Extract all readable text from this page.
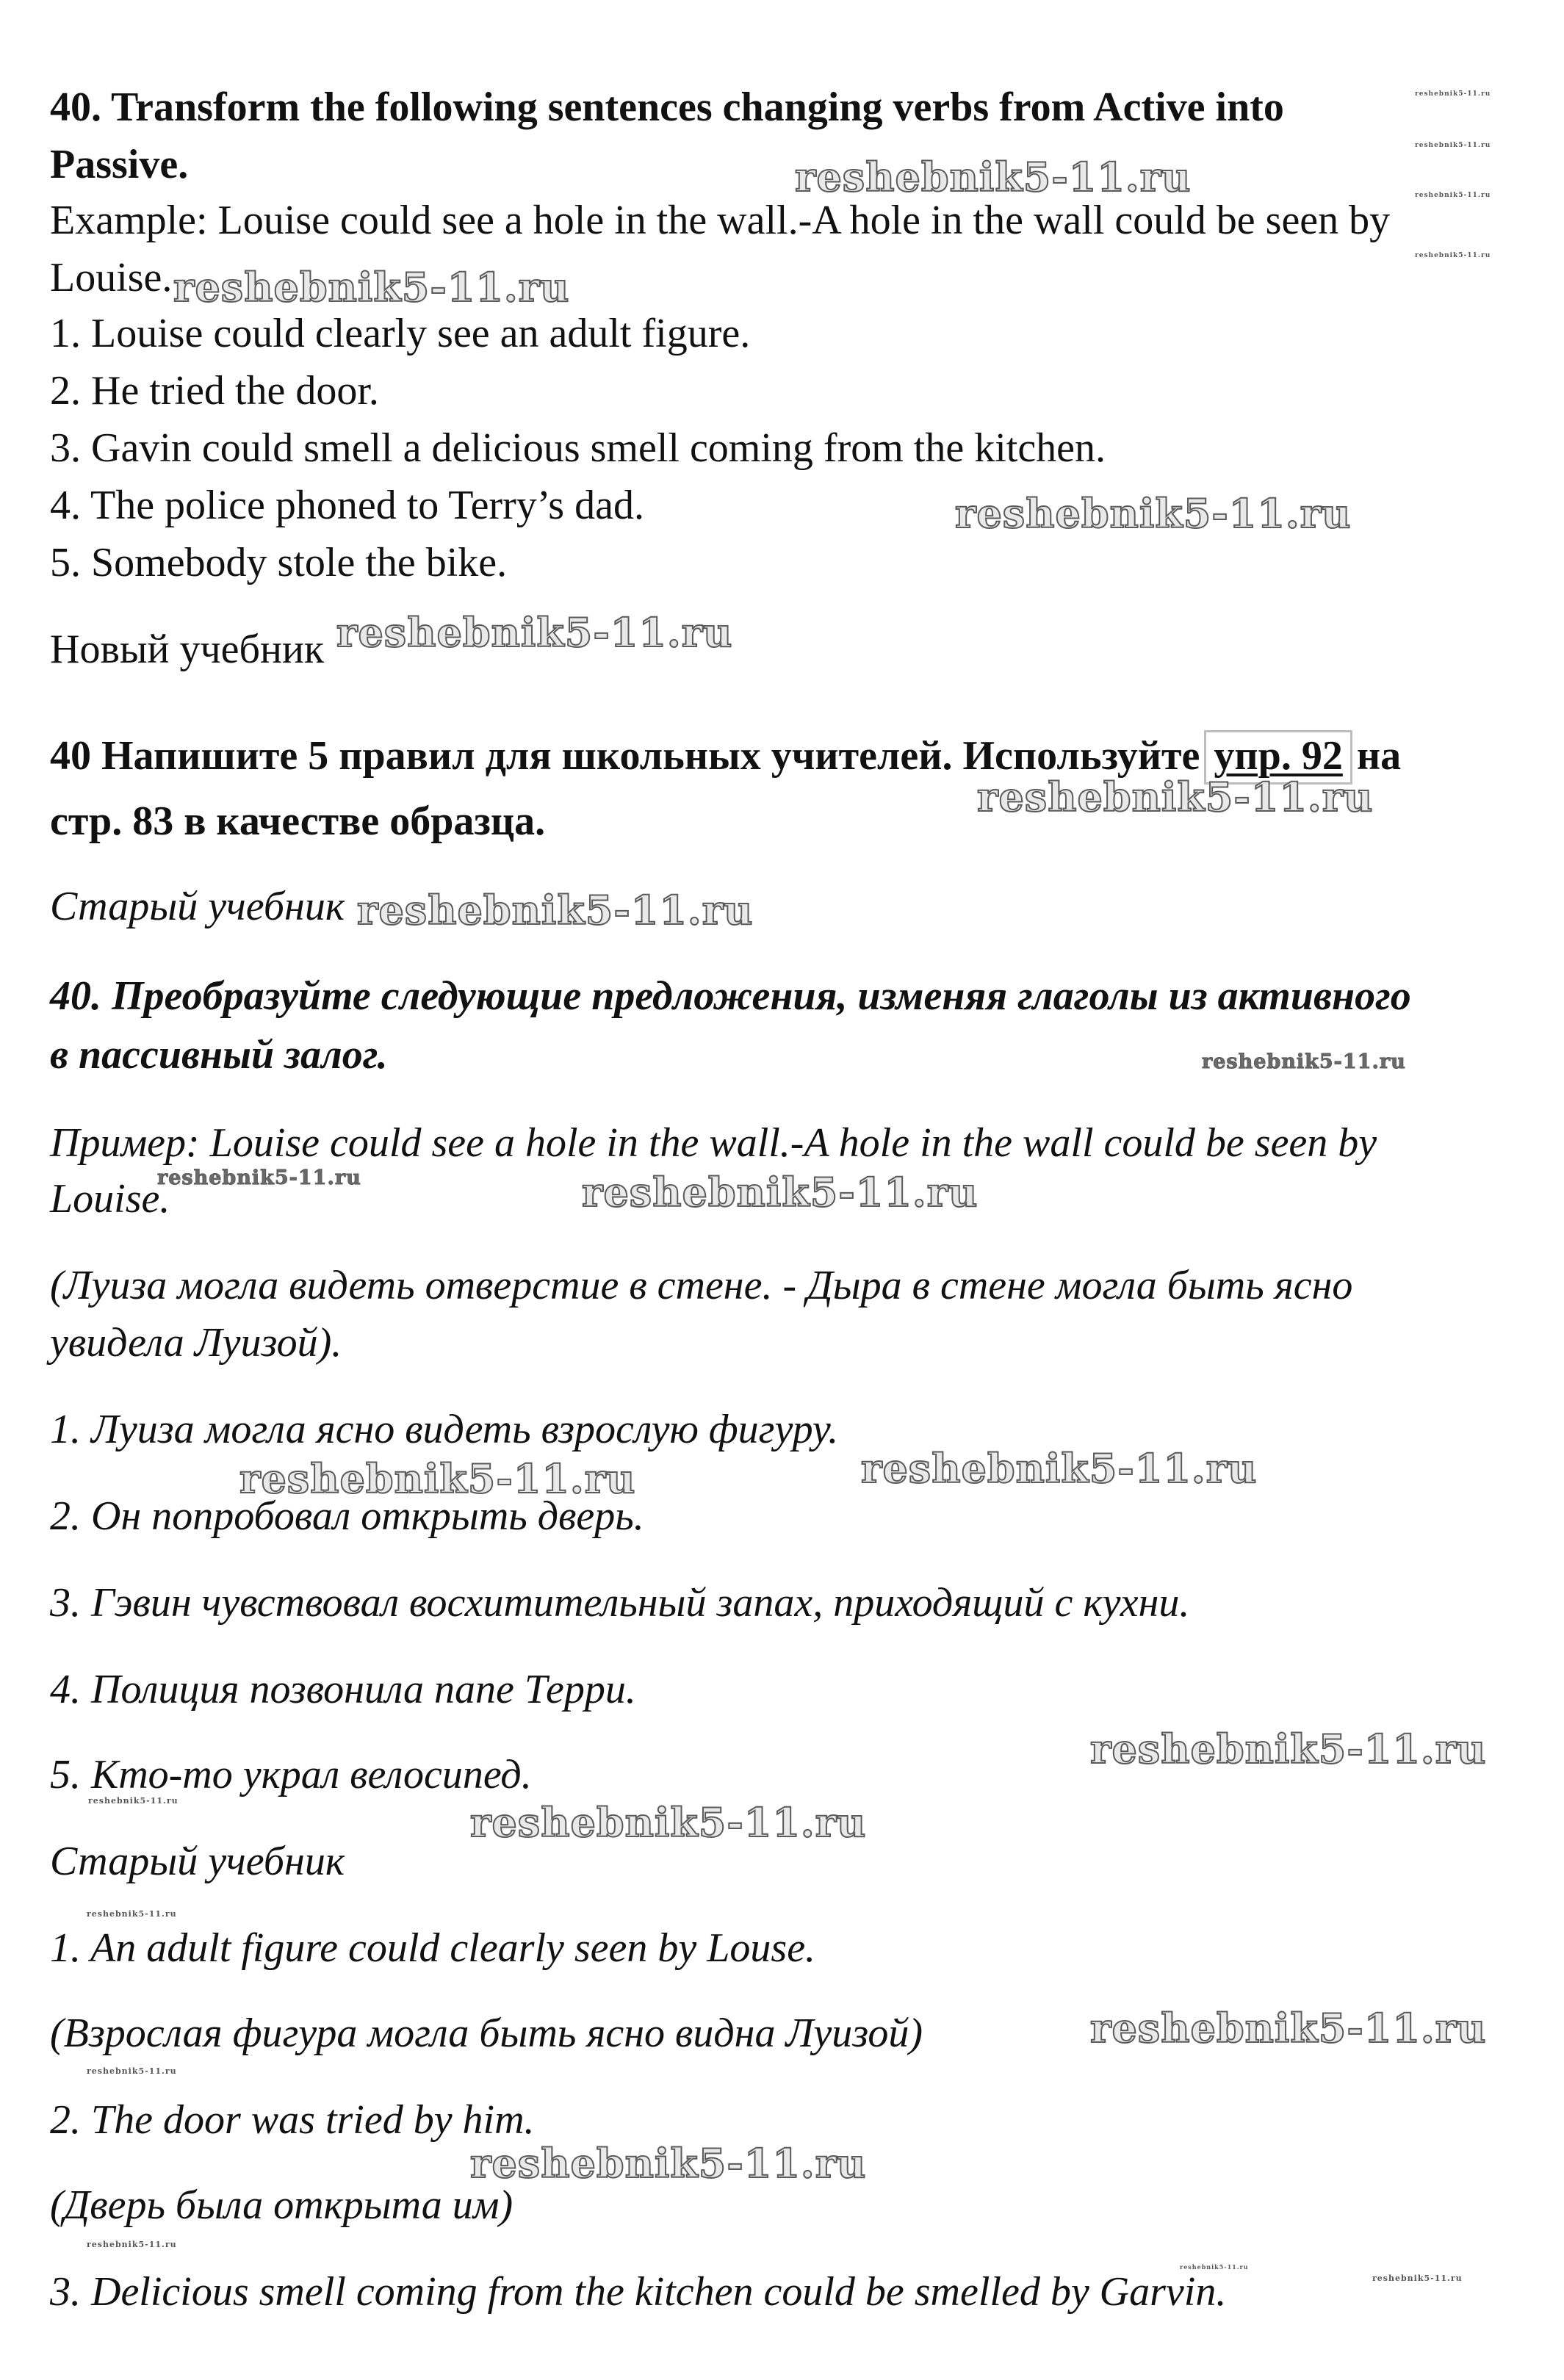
40. Transform the following sentences changing verbs from Active into
Passive.
Example: Louise could see a hole in the wall.-A hole in the wall could be seen by
Louise.
1. Louise could clearly see an adult figure.
2. He tried the door.
3. Gavin could smell a delicious smell coming from the kitchen.
4. The police phoned to Terry’s dad.
5. Somebody stole the bike.
Новый учебник
40 Напишите 5 правил для школьных учителей. Используйте упр. 92 на
стр. 83 в качестве образца.
Старый учебник
40. Преобразуйте следующие предложения, изменяя глаголы из активного
в пассивный залог.
Пример: Louise could see a hole in the wall.-A hole in the wall could be seen by
Louise.
(Луиза могла видеть отверстие в стене. - Дыра в стене могла быть ясно
увидела Луизой).
1. Луиза могла ясно видеть взрослую фигуру.
2. Он попробовал открыть дверь.
3. Гэвин чувствовал восхитительный запах, приходящий с кухни.
4. Полиция позвонила папе Терри.
5. Кто-то украл велосипед.
Старый учебник
1. An adult figure could clearly seen by Louse.
(Взрослая фигура могла быть ясно видна Луизой)
2. The door was tried by him.
(Дверь была открыта им)
3. Delicious smell coming from the kitchen could be smelled by Garvin.
reshebnik5-11.ru
reshebnik5-11.ru
reshebnik5-11.ru
reshebnik5-11.ru
reshebnik5-11.ru
reshebnik5-11.ru
reshebnik5-11.ru
reshebnik5-11.ru	reshebnik5-11.ru
reshebnik5-11.ru
reshebnik5-11.ru
reshebnik5-11.ru
reshebnik5-11.ru
reshebnik5-11.ru
reshebnik5-11.ru
reshebnik5-11.ru
reshebnik5-11.ru
reshebnik5-11.ru
reshebnik5-11.ru
reshebnik5-11.ru
reshebnik5-11.ru
reshebnik5-11.ru
reshebnik5-11.ru
reshebnik5-11.ru
reshebnik5-11.ru
